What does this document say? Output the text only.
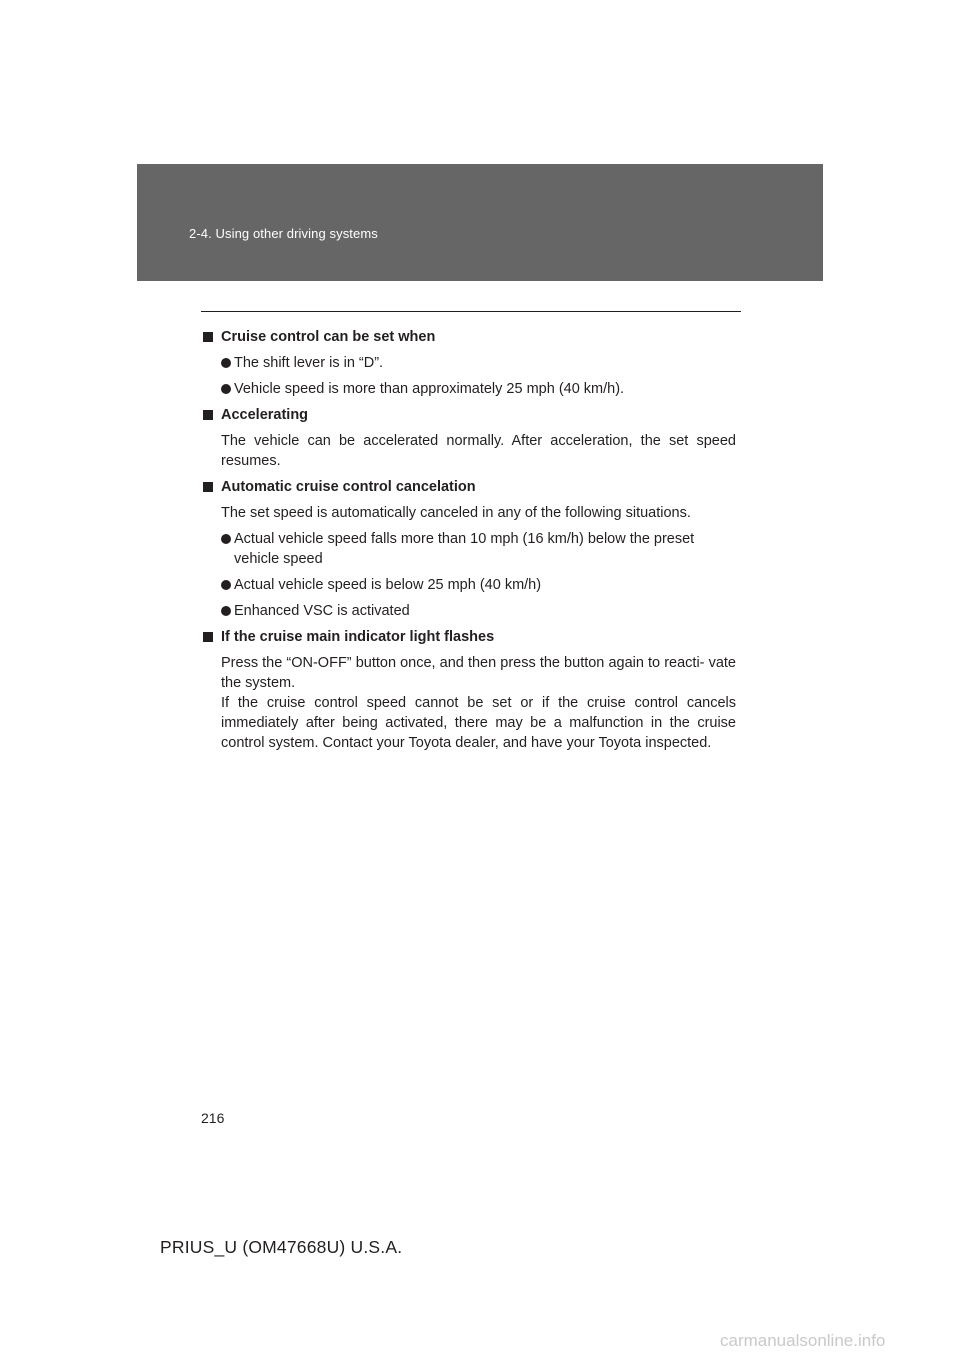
2-4. Using other driving systems
Cruise control can be set when
The shift lever is in “D”.
Vehicle speed is more than approximately 25 mph (40 km/h).
Accelerating
The vehicle can be accelerated normally. After acceleration, the set speed resumes.
Automatic cruise control cancelation
The set speed is automatically canceled in any of the following situations.
Actual vehicle speed falls more than 10 mph (16 km/h) below the preset vehicle speed
Actual vehicle speed is below 25 mph (40 km/h)
Enhanced VSC is activated
If the cruise main indicator light flashes
Press the “ON-OFF” button once, and then press the button again to reacti- vate the system.
If the cruise control speed cannot be set or if the cruise control cancels immediately after being activated, there may be a malfunction in the cruise control system. Contact your Toyota dealer, and have your Toyota inspected.
216
PRIUS_U (OM47668U) U.S.A.
carmanualsonline.info
